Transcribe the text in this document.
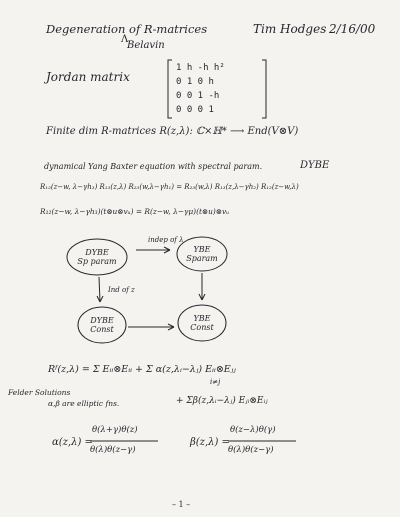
Degeneration of R-matrices
Λ
Belavin
Tim Hodges 2/16/00
Jordan matrix
1 h -h h²
0 1 0 h
0 0 1 -h
0 0 0 1
Finite dim R-matrices R(z,λ): ℂ×ℍ* ⟶ End(V⊗V)
dynamical Yang Baxter equation with spectral param.	DYBE
R₁₂(z−w, λ−γh₃) R₁₃(z,λ) R₂₃(w,λ−γh₁) = R₂₃(w,λ) R₁₃(z,λ−γh₂) R₁₂(z−w,λ)
R₁₂(z−w, λ−γh₃)(t⊗u⊗vᵤ) = R(z−w, λ−γμ)(t⊗u)⊗vᵤ
DYBE
Sp param
YBE
Sparam
DYBE
Const
YBE
Const
indep of λ
Ind of z
Rᶠ(z,λ) = Σ Eᵢᵢ⊗Eᵢᵢ + Σ α(z,λᵢ−λⱼ) Eᵢᵢ⊗Eⱼⱼ
i≠j
Felder Solutions
α,β are elliptic fns.	+ Σβ(z,λᵢ−λⱼ) Eⱼᵢ⊗Eᵢⱼ
α(z,λ) =
θ(λ+γ)θ(z)
θ(λ)θ(z−γ)
β(z,λ) =
θ(z−λ)θ(γ)
θ(λ)θ(z−γ)
– 1 –
